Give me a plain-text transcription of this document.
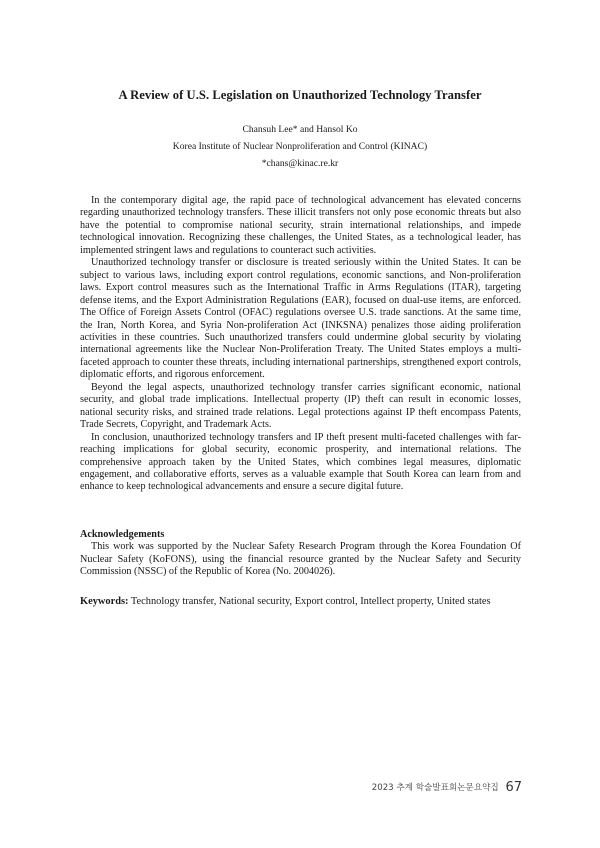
A Review of U.S. Legislation on Unauthorized Technology Transfer
Chansuh Lee* and Hansol Ko
Korea Institute of Nuclear Nonproliferation and Control (KINAC)
*chans@kinac.re.kr

In the contemporary digital age, the rapid pace of technological advancement has elevated concerns regarding unauthorized technology transfers. These illicit transfers not only pose economic threats but also have the potential to compromise national security, strain international relationships, and impede technological innovation. Recognizing these challenges, the United States, as a technological leader, has implemented stringent laws and regulations to counteract such activities.

Unauthorized technology transfer or disclosure is treated seriously within the United States. It can be subject to various laws, including export control regulations, economic sanctions, and Non-proliferation laws. Export control measures such as the International Traffic in Arms Regulations (ITAR), targeting defense items, and the Export Administration Regulations (EAR), focused on dual-use items, are enforced. The Office of Foreign Assets Control (OFAC) regulations oversee U.S. trade sanctions. At the same time, the Iran, North Korea, and Syria Non-proliferation Act (INKSNA) penalizes those aiding proliferation activities in these countries. Such unauthorized transfers could undermine global security by violating international agreements like the Nuclear Non-Proliferation Treaty. The United States employs a multi-faceted approach to counter these threats, including international partnerships, strengthened export controls, diplomatic efforts, and rigorous enforcement.

Beyond the legal aspects, unauthorized technology transfer carries significant economic, national security, and global trade implications. Intellectual property (IP) theft can result in economic losses, national security risks, and strained trade relations. Legal protections against IP theft encompass Patents, Trade Secrets, Copyright, and Trademark Acts.

In conclusion, unauthorized technology transfers and IP theft present multi-faceted challenges with far-reaching implications for global security, economic prosperity, and international relations. The comprehensive approach taken by the United States, which combines legal measures, diplomatic engagement, and collaborative efforts, serves as a valuable example that South Korea can learn from and enhance to keep technological advancements and ensure a secure digital future.

Acknowledgements

This work was supported by the Nuclear Safety Research Program through the Korea Foundation Of Nuclear Safety (KoFONS), using the financial resource granted by the Nuclear Safety and Security Commission (NSSC) of the Republic of Korea (No. 2004026).

Keywords: Technology transfer, National security, Export control, Intellect property, United states
2023 추계 학술발표회논문요약집 67
